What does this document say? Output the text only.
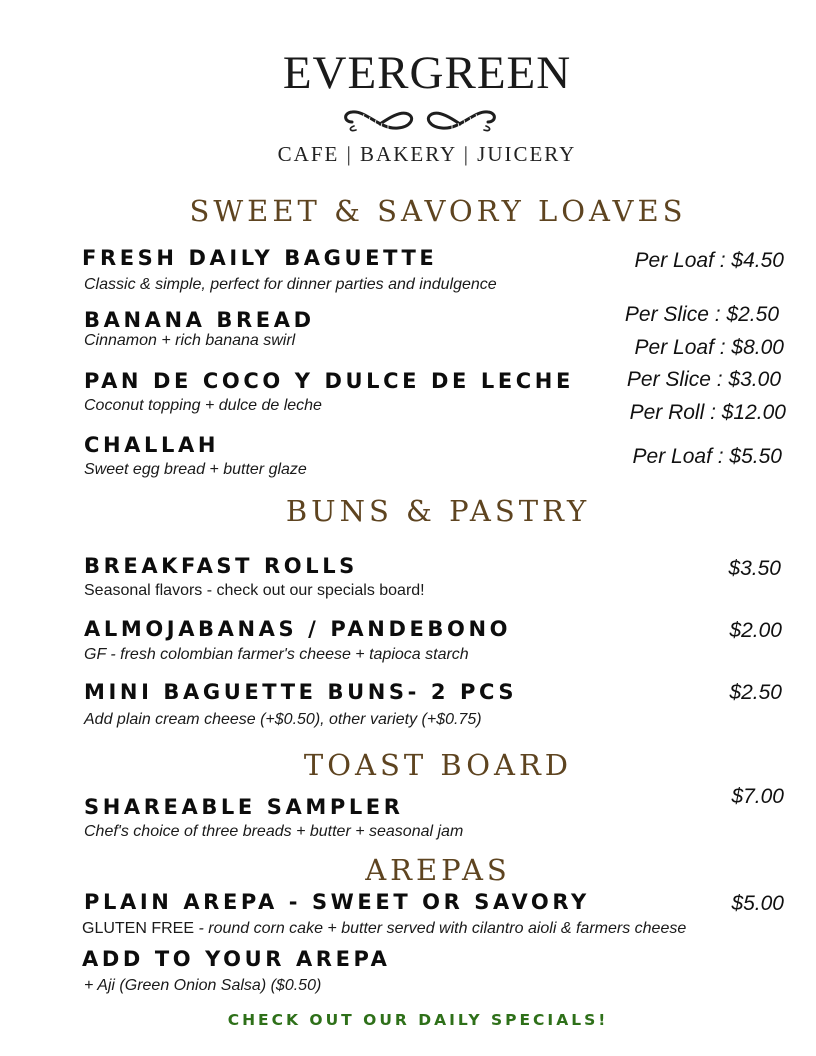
EVERGREEN
CAFE | BAKERY | JUICERY
SWEET & SAVORY LOAVES
FRESH DAILY BAGUETTE
Classic & simple, perfect for dinner parties and indulgence
Per Loaf : $4.50
BANANA BREAD
Cinnamon + rich banana swirl
Per Slice : $2.50
Per Loaf : $8.00
PAN DE COCO Y DULCE DE LECHE
Coconut topping + dulce de leche
Per Slice : $3.00
Per Roll : $12.00
CHALLAH
Sweet egg bread + butter glaze
Per Loaf : $5.50
BUNS & PASTRY
BREAKFAST ROLLS
Seasonal flavors - check out our specials board!
$3.50
ALMOJABANAS / PANDEBONO
GF - fresh colombian farmer's cheese + tapioca starch
$2.00
MINI BAGUETTE BUNS- 2 PCS
Add plain cream cheese (+$0.50), other variety (+$0.75)
$2.50
TOAST BOARD
SHAREABLE SAMPLER
Chef's choice of three breads + butter + seasonal jam
$7.00
AREPAS
PLAIN AREPA - SWEET OR SAVORY
GLUTEN FREE - round corn cake + butter served with cilantro aioli & farmers cheese
$5.00
ADD TO YOUR AREPA
+ Aji (Green Onion Salsa) ($0.50)
CHECK OUT OUR DAILY SPECIALS!
